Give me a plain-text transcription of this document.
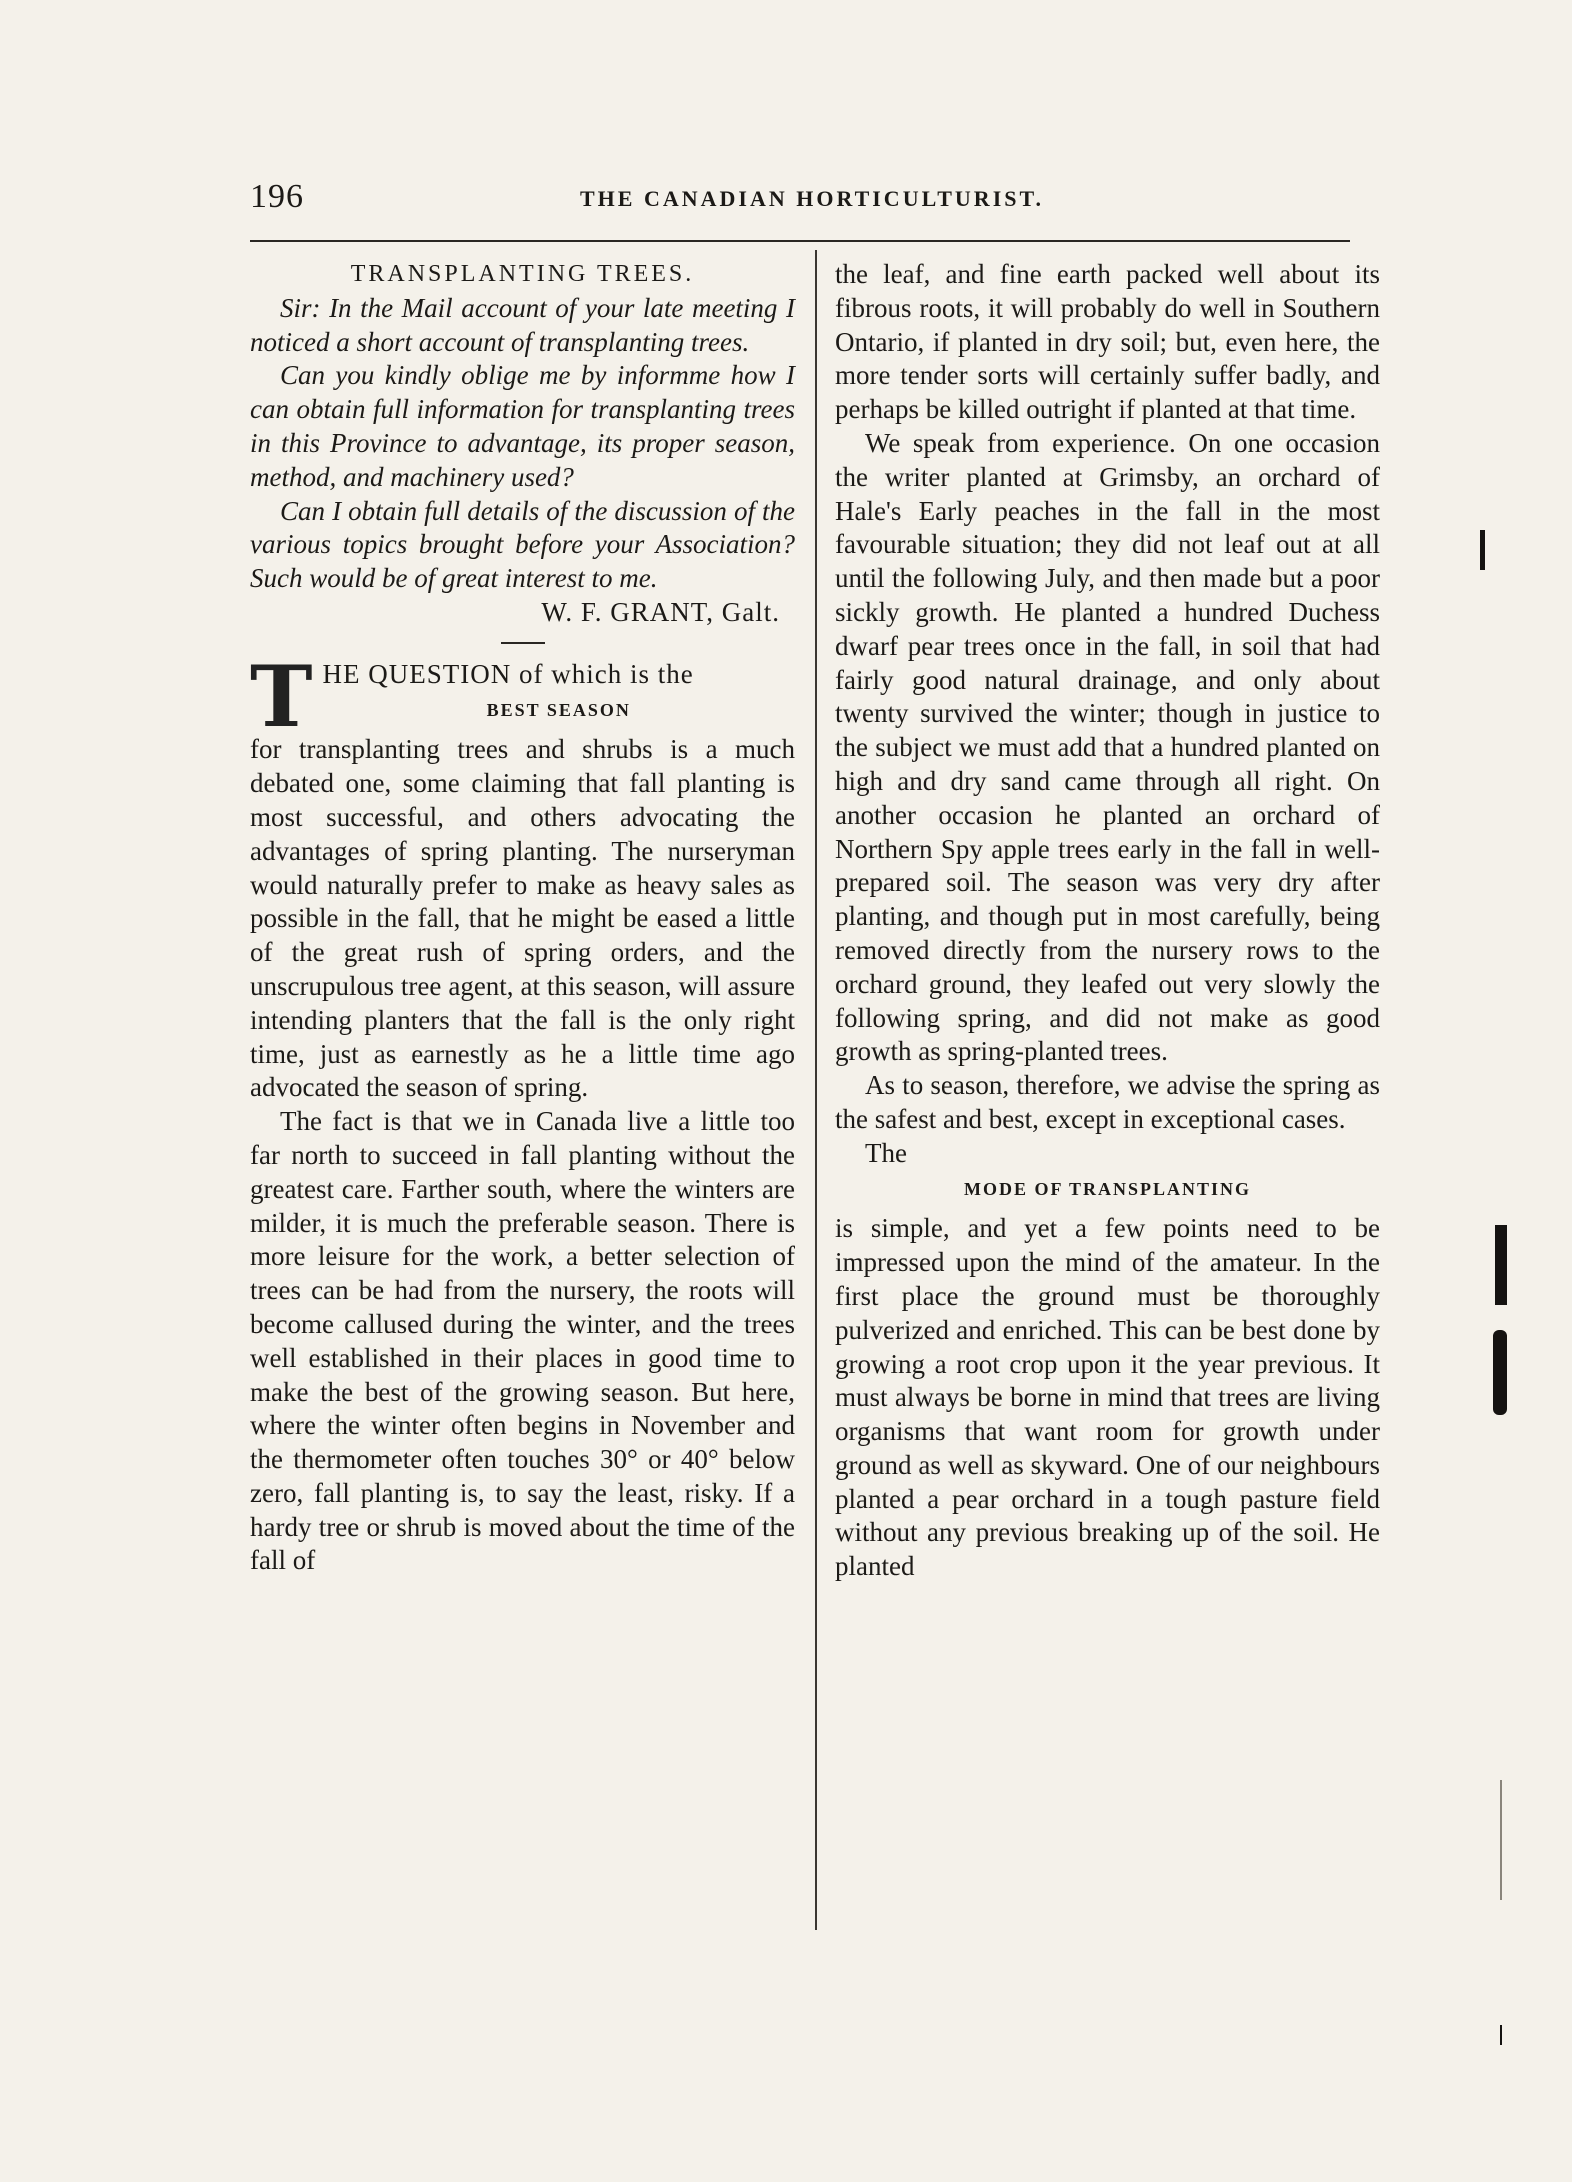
196	THE CANADIAN HORTICULTURIST.

TRANSPLANTING TREES.

Sir: In the Mail account of your late meeting I noticed a short account of transplanting trees.

Can you kindly oblige me by informme how I can obtain full information for transplanting trees in this Province to advantage, its proper season, method, and machinery used?

Can I obtain full details of the discussion of the various topics brought before your Association? Such would be of great interest to me.

W. F. GRANT, Galt.

T HE QUESTION of which is the
BEST SEASON

for transplanting trees and shrubs is a much debated one, some claiming that fall planting is most successful, and others advocating the advantages of spring planting. The nurseryman would naturally prefer to make as heavy sales as possible in the fall, that he might be eased a little of the great rush of spring orders, and the unscrupulous tree agent, at this season, will assure intending planters that the fall is the only right time, just as earnestly as he a little time ago advocated the season of spring.

The fact is that we in Canada live a little too far north to succeed in fall planting without the greatest care. Farther south, where the winters are milder, it is much the preferable season. There is more leisure for the work, a better selection of trees can be had from the nursery, the roots will become callused during the winter, and the trees well established in their places in good time to make the best of the growing season. But here, where the winter often begins in November and the thermometer often touches 30° or 40° below zero, fall planting is, to say the least, risky. If a hardy tree or shrub is moved about the time of the fall of

the leaf, and fine earth packed well about its fibrous roots, it will probably do well in Southern Ontario, if planted in dry soil; but, even here, the more tender sorts will certainly suffer badly, and perhaps be killed outright if planted at that time.

We speak from experience. On one occasion the writer planted at Grimsby, an orchard of Hale's Early peaches in the fall in the most favourable situation; they did not leaf out at all until the following July, and then made but a poor sickly growth. He planted a hundred Duchess dwarf pear trees once in the fall, in soil that had fairly good natural drainage, and only about twenty survived the winter; though in justice to the subject we must add that a hundred planted on high and dry sand came through all right. On another occasion he planted an orchard of Northern Spy apple trees early in the fall in well-prepared soil. The season was very dry after planting, and though put in most carefully, being removed directly from the nursery rows to the orchard ground, they leafed out very slowly the following spring, and did not make as good growth as spring-planted trees.

As to season, therefore, we advise the spring as the safest and best, except in exceptional cases.

The

MODE OF TRANSPLANTING

is simple, and yet a few points need to be impressed upon the mind of the amateur. In the first place the ground must be thoroughly pulverized and enriched. This can be best done by growing a root crop upon it the year previous. It must always be borne in mind that trees are living organisms that want room for growth under ground as well as skyward. One of our neighbours planted a pear orchard in a tough pasture field without any previous breaking up of the soil. He planted
